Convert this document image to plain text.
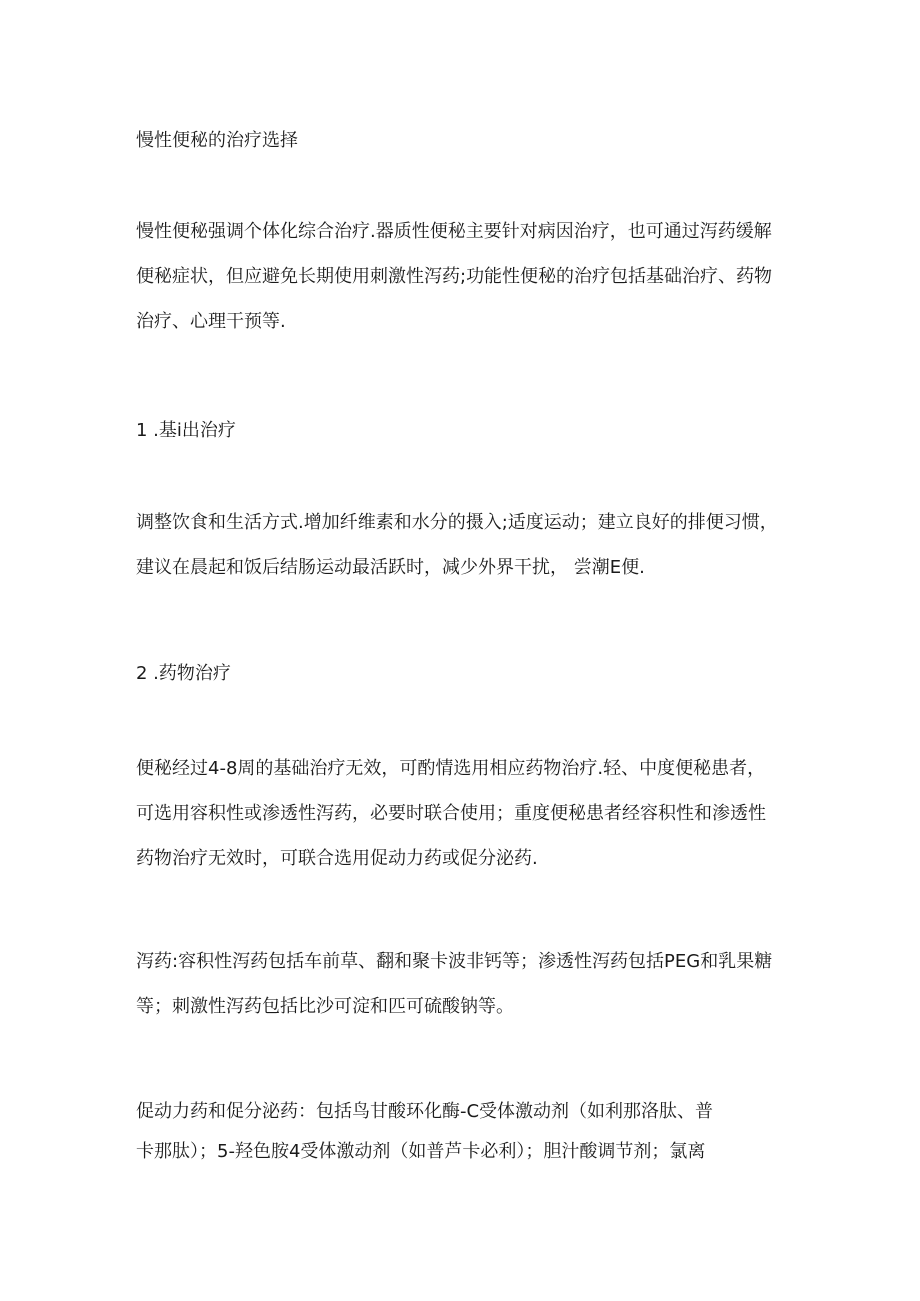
慢性便秘的治疗选择

慢性便秘强调个体化综合治疗.器质性便秘主要针对病因治疗，也可通过泻药缓解
便秘症状，但应避免长期使用刺激性泻药;功能性便秘的治疗包括基础治疗、药物
治疗、心理干预等.

1 .基i出治疗

调整饮食和生活方式.增加纤维素和水分的摄入;适度运动；建立良好的排便习惯，
建议在晨起和饭后结肠运动最活跃时，减少外界干扰， 尝潮E便.

2 .药物治疗

便秘经过4-8周的基础治疗无效，可酌情选用相应药物治疗.轻、中度便秘患者，
可选用容积性或渗透性泻药，必要时联合使用；重度便秘患者经容积性和渗透性
药物治疗无效时，可联合选用促动力药或促分泌药.

泻药:容积性泻药包括车前草、翻和聚卡波非钙等；渗透性泻药包括PEG和乳果糖
等；刺激性泻药包括比沙可淀和匹可硫酸钠等。

促动力药和促分泌药：包括鸟甘酸环化酶-C受体激动剂（如利那洛肽、普
卡那肽）；5-羟色胺4受体激动剂（如普芦卡必利）；胆汁酸调节剂；氯离
